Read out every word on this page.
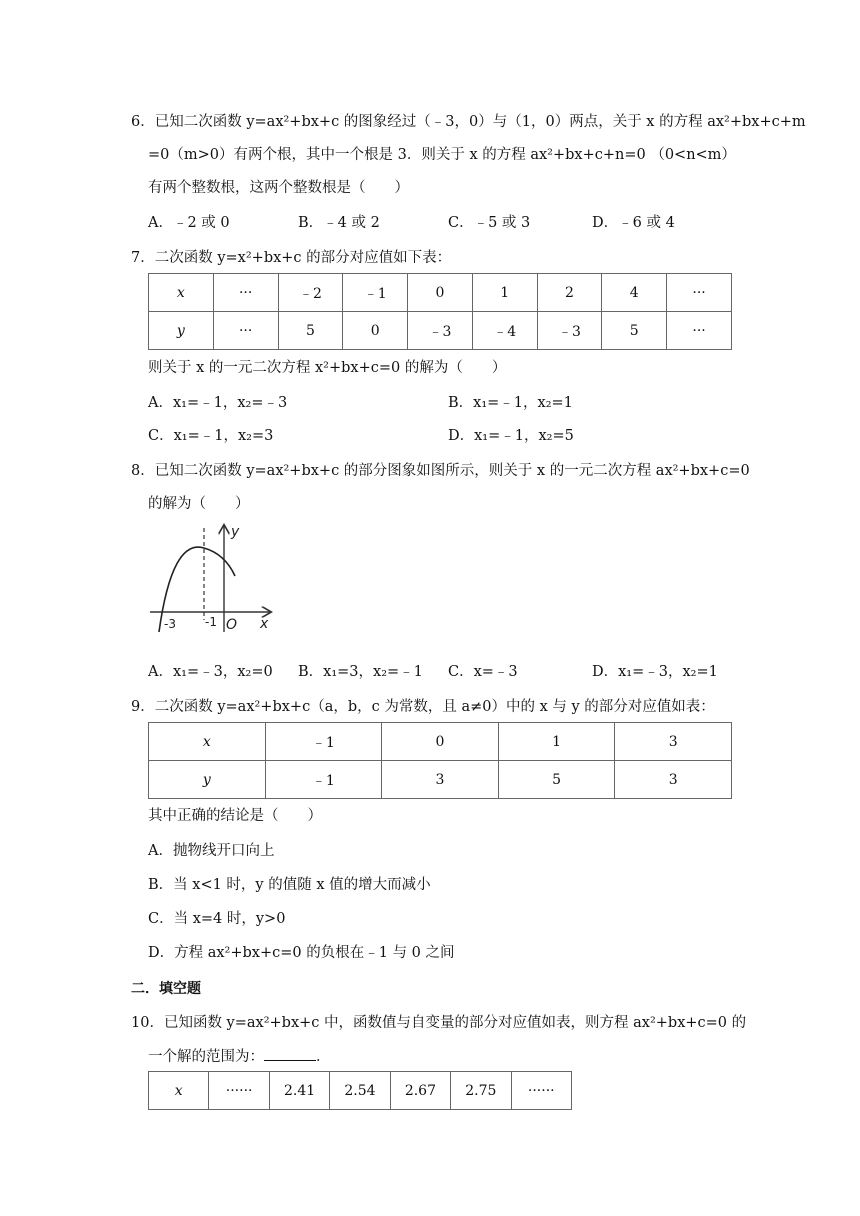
6．已知二次函数 y=ax²+bx+c 的图象经过（﹣3，0）与（1，0）两点，关于 x 的方程 ax²+bx+c+m
=0（m>0）有两个根，其中一个根是 3．则关于 x 的方程 ax²+bx+c+n=0 （0<n<m）
有两个整数根，这两个整数根是（　　）
A．﹣2 或 0	B．﹣4 或 2	C．﹣5 或 3	D．﹣6 或 4
7．二次函数 y=x²+bx+c 的部分对应值如下表：
x	···	﹣2	﹣1	0	1	2	4	···
y	···	5	0	﹣3	﹣4	﹣3	5	···
则关于 x 的一元二次方程 x²+bx+c=0 的解为（　　）
A．x₁=﹣1，x₂=﹣3	B．x₁=﹣1，x₂=1
C．x₁=﹣1，x₂=3	D．x₁=﹣1，x₂=5
8．已知二次函数 y=ax²+bx+c 的部分图象如图所示，则关于 x 的一元二次方程 ax²+bx+c=0
的解为（　　）
y
x
O
-3 -1
A．x₁=﹣3，x₂=0 B．x₁=3，x₂=﹣1 C．x=﹣3	D．x₁=﹣3，x₂=1
9．二次函数 y=ax²+bx+c（a，b，c 为常数，且 a≠0）中的 x 与 y 的部分对应值如表：
x	﹣1	0	1	3
y	﹣1	3	5	3
其中正确的结论是（　　）
A．抛物线开口向上
B．当 x<1 时，y 的值随 x 值的增大而减小
C．当 x=4 时，y>0
D．方程 ax²+bx+c=0 的负根在﹣1 与 0 之间
二．填空题
10．已知函数 y=ax²+bx+c 中，函数值与自变量的部分对应值如表，则方程 ax²+bx+c=0 的
一个解的范围为：	．
x	······	2.41	2.54	2.67	2.75	······
